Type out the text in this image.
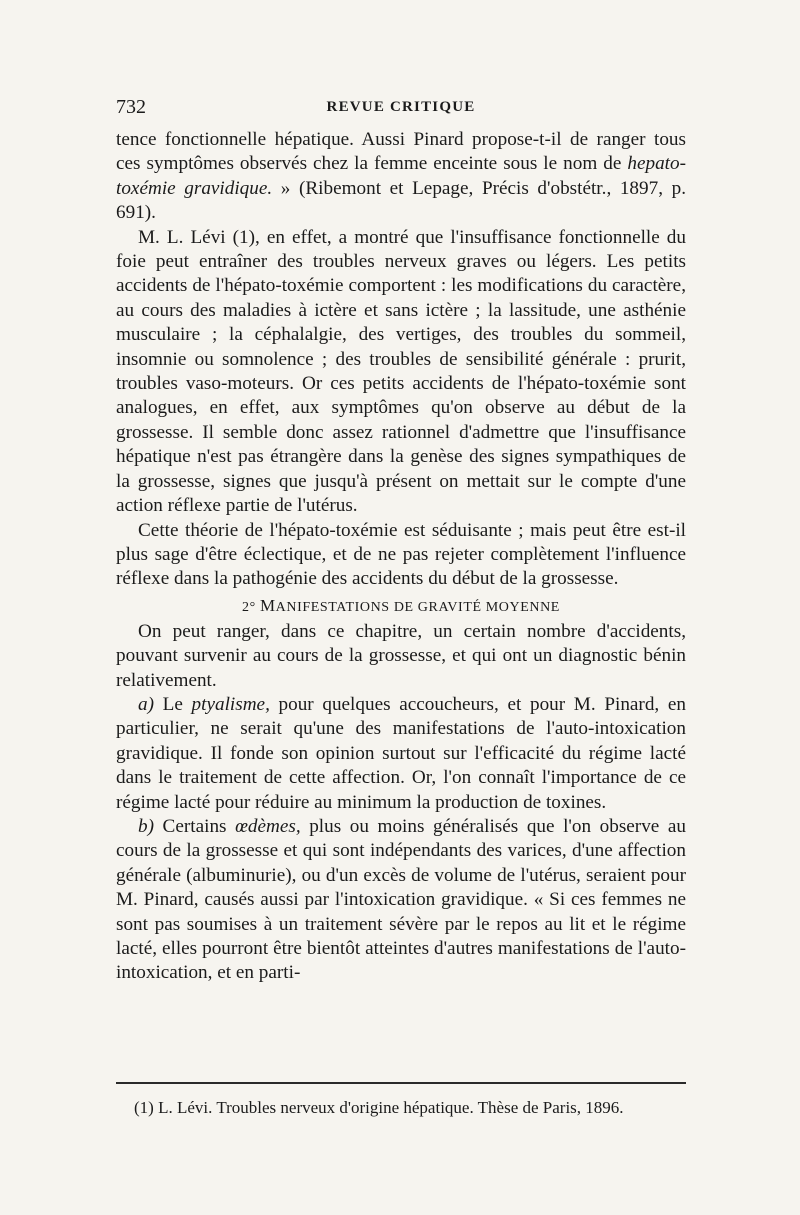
732	REVUE CRITIQUE

tence fonctionnelle hépatique. Aussi Pinard propose-t-il de ranger tous ces symptômes observés chez la femme enceinte sous le nom de hepato-toxémie gravidique. » (Ribemont et Lepage, Précis d'obstétr., 1897, p. 691).

M. L. Lévi (1), en effet, a montré que l'insuffisance fonctionnelle du foie peut entraîner des troubles nerveux graves ou légers. Les petits accidents de l'hépato-toxémie comportent : les modifications du caractère, au cours des maladies à ictère et sans ictère ; la lassitude, une asthénie musculaire ; la céphalalgie, des vertiges, des troubles du sommeil, insomnie ou somnolence ; des troubles de sensibilité générale : prurit, troubles vaso-moteurs. Or ces petits accidents de l'hépato-toxémie sont analogues, en effet, aux symptômes qu'on observe au début de la grossesse. Il semble donc assez rationnel d'admettre que l'insuffisance hépatique n'est pas étrangère dans la genèse des signes sympathiques de la grossesse, signes que jusqu'à présent on mettait sur le compte d'une action réflexe partie de l'utérus.

Cette théorie de l'hépato-toxémie est séduisante ; mais peut être est-il plus sage d'être éclectique, et de ne pas rejeter complètement l'influence réflexe dans la pathogénie des accidents du début de la grossesse.

2° MANIFESTATIONS DE GRAVITÉ MOYENNE

On peut ranger, dans ce chapitre, un certain nombre d'accidents, pouvant survenir au cours de la grossesse, et qui ont un diagnostic bénin relativement.

a) Le ptyalisme, pour quelques accoucheurs, et pour M. Pinard, en particulier, ne serait qu'une des manifestations de l'auto-intoxication gravidique. Il fonde son opinion surtout sur l'efficacité du régime lacté dans le traitement de cette affection. Or, l'on connaît l'importance de ce régime lacté pour réduire au minimum la production de toxines.

b) Certains œdèmes, plus ou moins généralisés que l'on observe au cours de la grossesse et qui sont indépendants des varices, d'une affection générale (albuminurie), ou d'un excès de volume de l'utérus, seraient pour M. Pinard, causés aussi par l'intoxication gravidique. « Si ces femmes ne sont pas soumises à un traitement sévère par le repos au lit et le régime lacté, elles pourront être bientôt atteintes d'autres manifestations de l'auto-intoxication, et en parti-

(1) L. Lévi. Troubles nerveux d'origine hépatique. Thèse de Paris, 1896.
